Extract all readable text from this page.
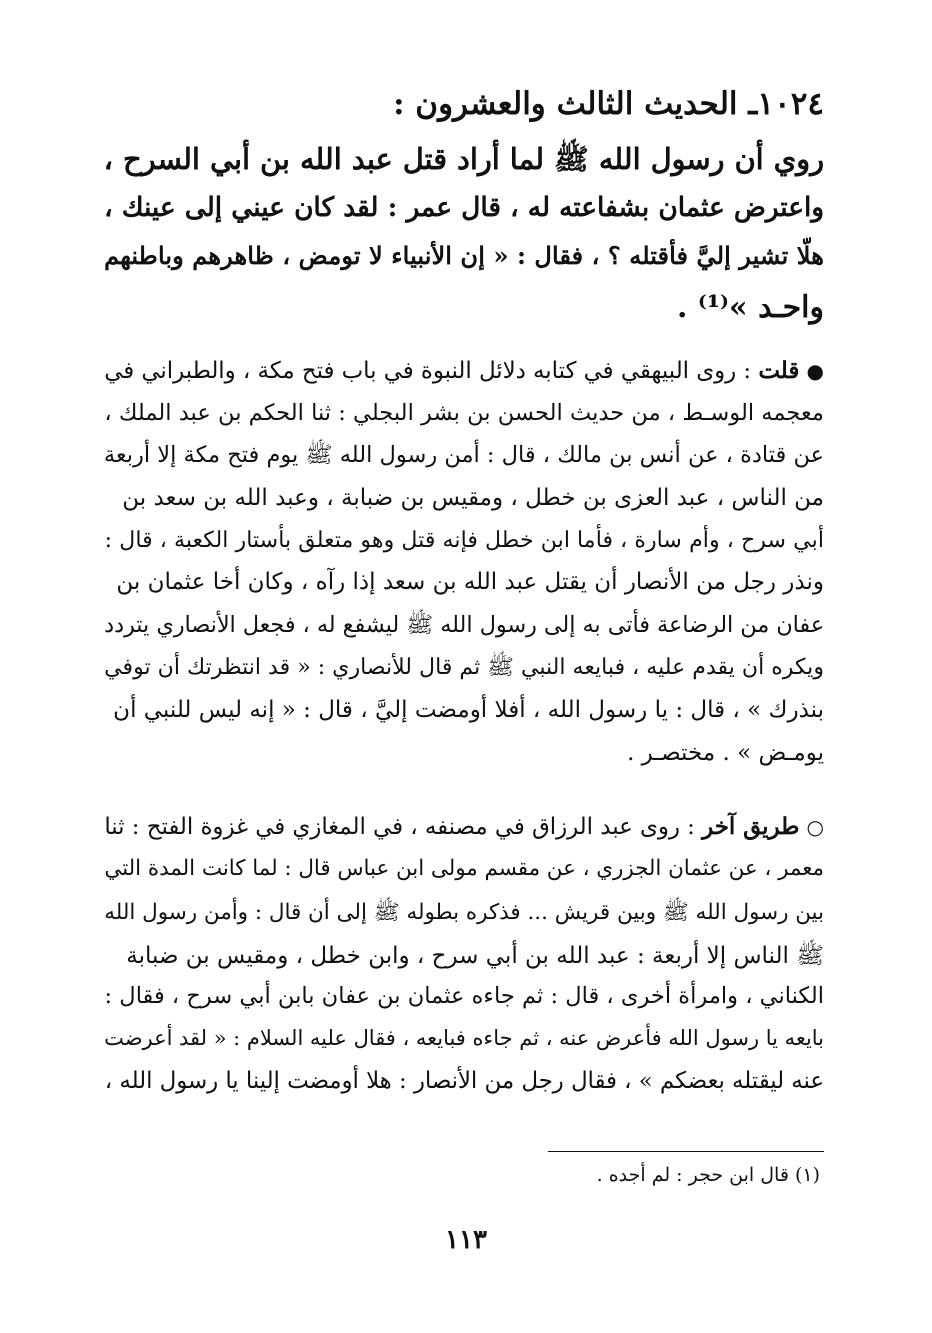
١٠٢٤ـ الحديث الثالث والعشرون :
روي أن رسول الله ﷺ لما أراد قتل عبد الله بن أبي السرح ،
واعترض عثمان بشفاعته له ، قال عمر : لقد كان عيني إلى عينك ،
هلّا تشير إليَّ فأقتله ؟ ، فقال : « إن الأنبياء لا تومض ، ظاهرهم وباطنهم
واحـد »⁽¹⁾ .
● قلت : روى البيهقي في كتابه دلائل النبوة في باب فتح مكة ، والطبراني في
معجمه الوسـط ، من حديث الحسن بن بشر البجلي : ثنا الحكم بن عبد الملك ،
عن قتادة ، عن أنس بن مالك ، قال : أمن رسول الله ﷺ يوم فتح مكة إلا أربعة
من الناس ، عبد العزى بن خطل ، ومقيس بن ضبابة ، وعبد الله بن سعد بن
أبي سرح ، وأم سارة ، فأما ابن خطل فإنه قتل وهو متعلق بأستار الكعبة ، قال :
ونذر رجل من الأنصار أن يقتل عبد الله بن سعد إذا رآه ، وكان أخا عثمان بن
عفان من الرضاعة فأتى به إلى رسول الله ﷺ ليشفع له ، فجعل الأنصاري يتردد
ويكره أن يقدم عليه ، فبايعه النبي ﷺ ثم قال للأنصاري : « قد انتظرتك أن توفي
بنذرك » ، قال : يا رسول الله ، أفلا أومضت إليَّ ، قال : « إنه ليس للنبي أن
يومـض » . مختصـر .
○ طريق آخر : روى عبد الرزاق في مصنفه ، في المغازي في غزوة الفتح : ثنا
معمر ، عن عثمان الجزري ، عن مقسم مولى ابن عباس قال : لما كانت المدة التي
بين رسول الله ﷺ وبين قريش ... فذكره بطوله ﷺ إلى أن قال : وأمن رسول الله
ﷺ الناس إلا أربعة : عبد الله بن أبي سرح ، وابن خطل ، ومقيس بن ضبابة
الكناني ، وامرأة أخرى ، قال : ثم جاءه عثمان بن عفان بابن أبي سرح ، فقال :
بايعه يا رسول الله فأعرض عنه ، ثم جاءه فبايعه ، فقال عليه السلام : « لقد أعرضت
عنه ليقتله بعضكم » ، فقال رجل من الأنصار : هلا أومضت إلينا يا رسول الله ،
(١) قال ابن حجر : لم أجده .
١١٣
